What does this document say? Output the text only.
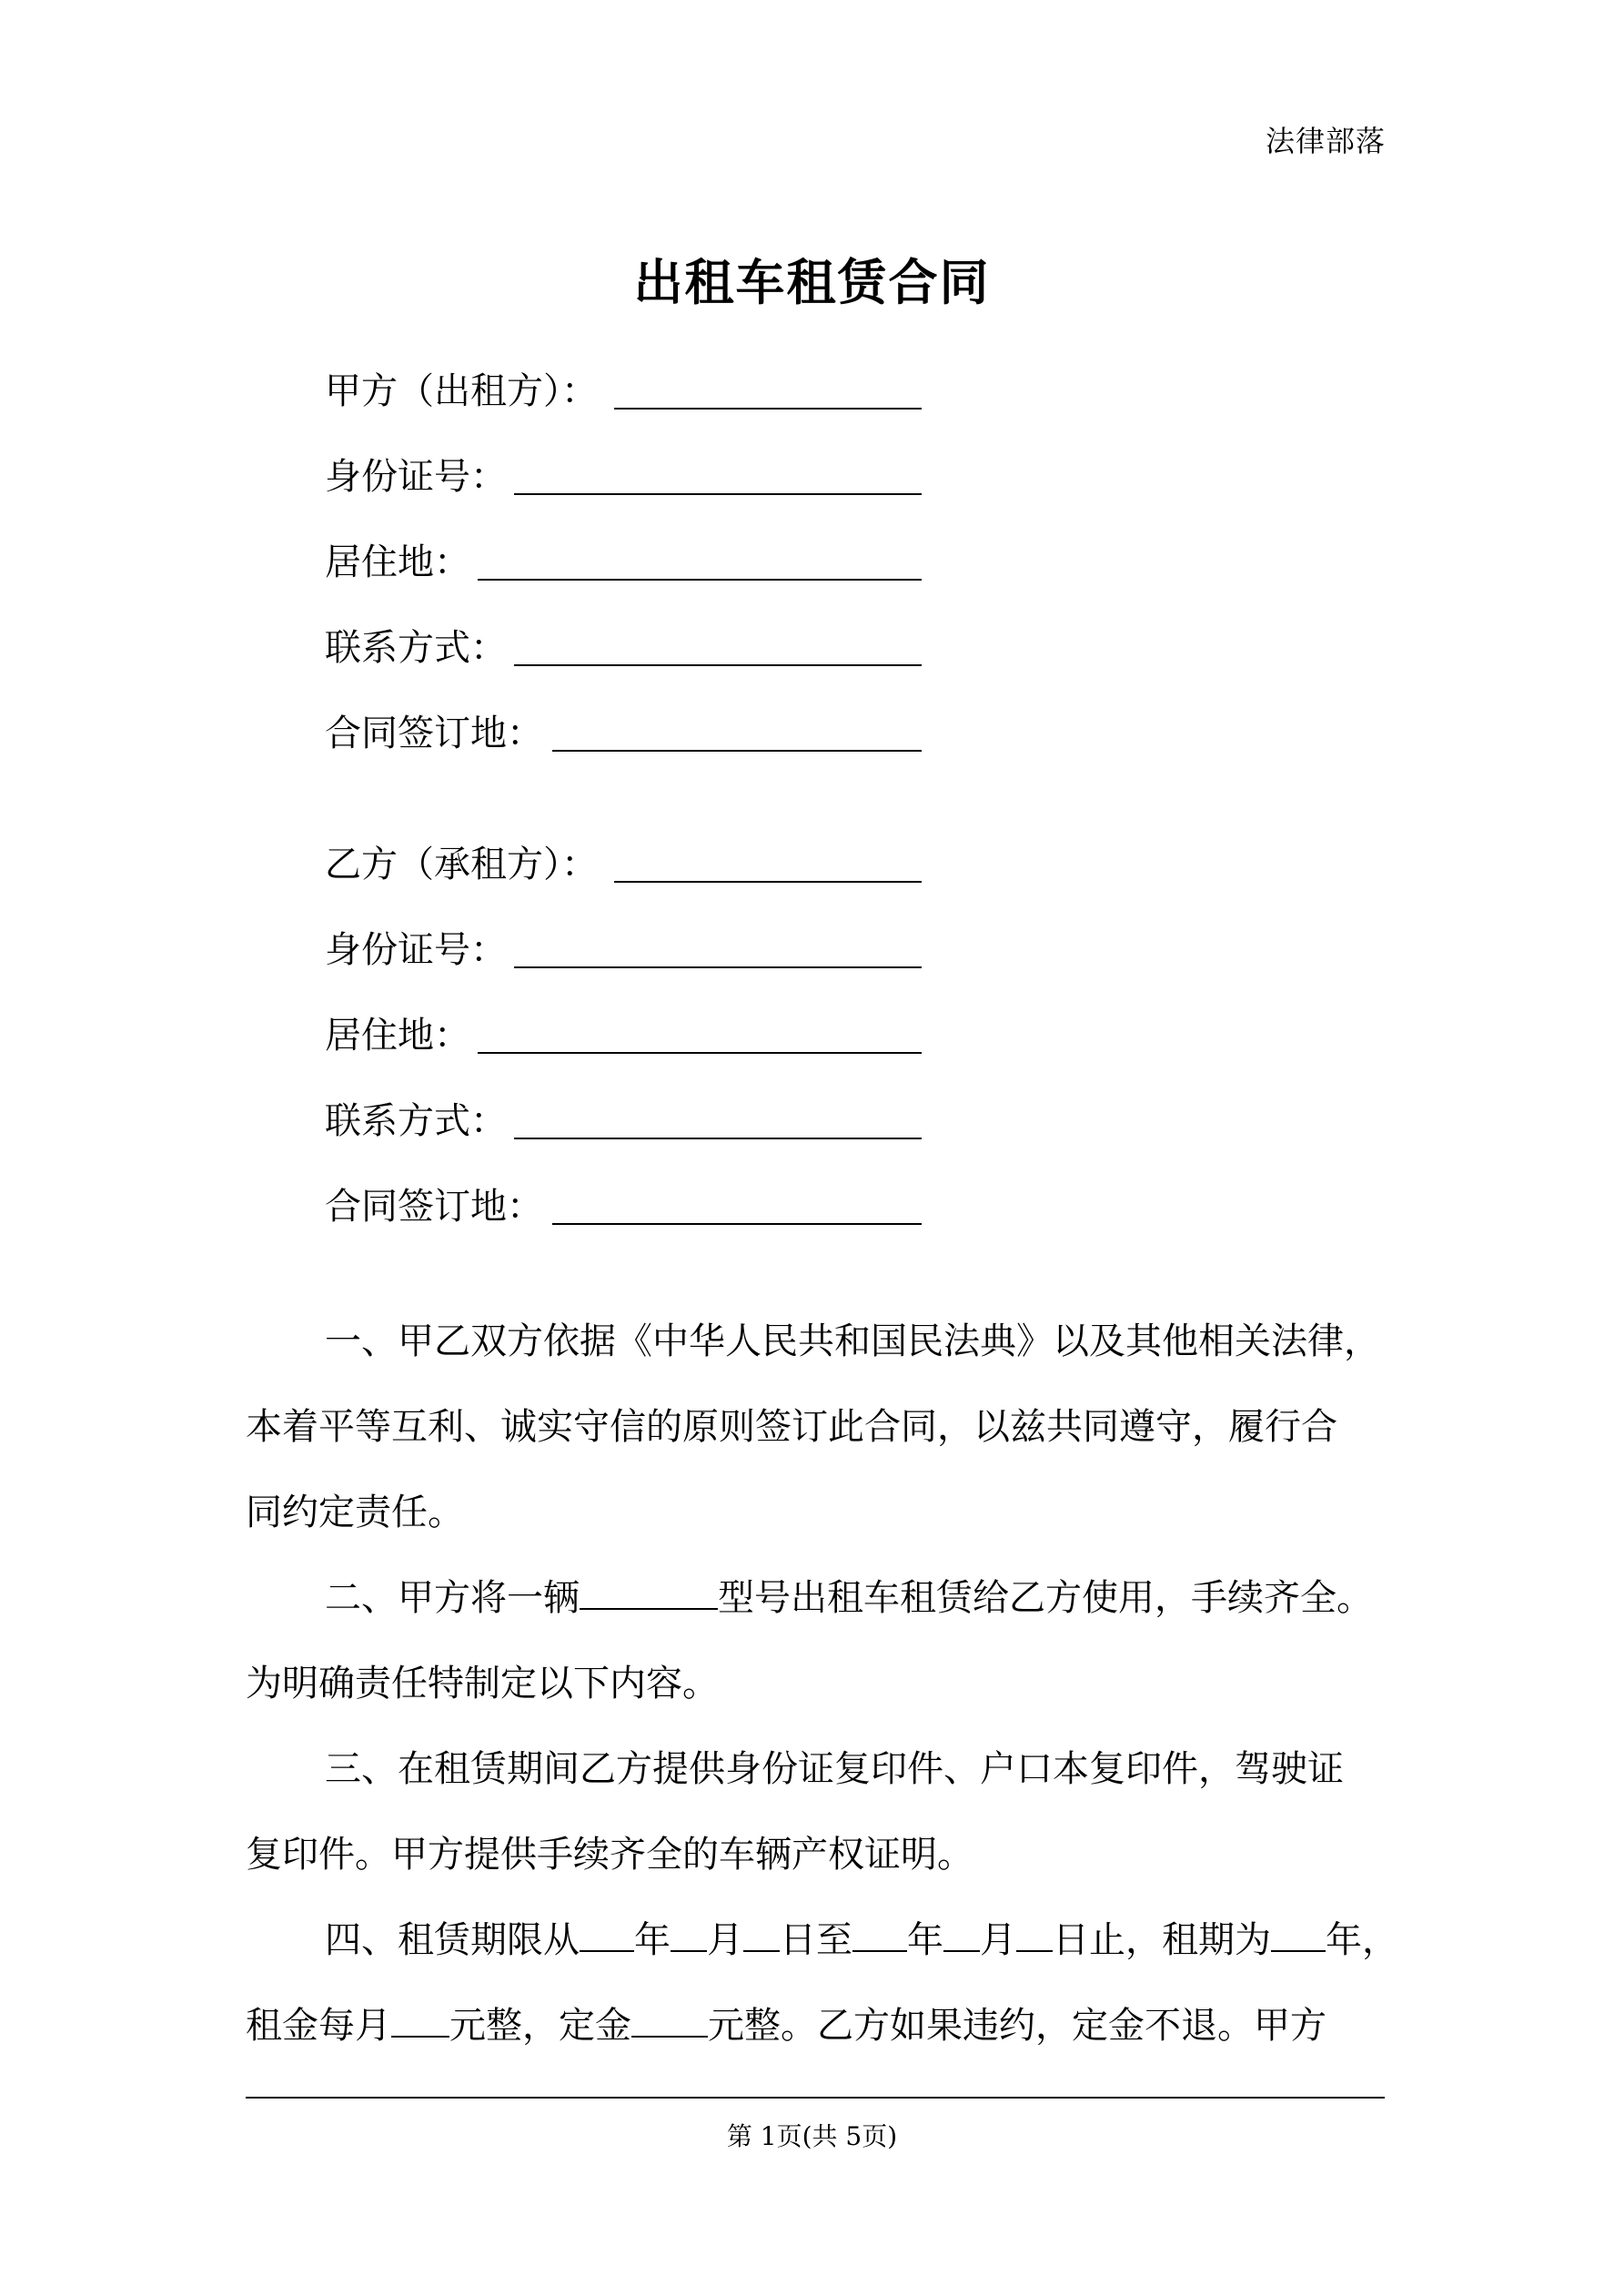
法律部落
出租车租赁合同
甲方（出租方）：
身份证号：
居住地：
联系方式：
合同签订地：
乙方（承租方）：
身份证号：
居住地：
联系方式：
合同签订地：
一、甲乙双方依据《中华人民共和国民法典》以及其他相关法律，
本着平等互利、诚实守信的原则签订此合同，以兹共同遵守，履行合
同约定责任。
二、甲方将一辆	型号出租车租赁给乙方使用，手续齐全。
为明确责任特制定以下内容。
三、在租赁期间乙方提供身份证复印件、户口本复印件，驾驶证
复印件。甲方提供手续齐全的车辆产权证明。
四、租赁期限从 年 月 日至 年 月 日止，租期为 年，
租金每月 元整，定金 元整。乙方如果违约，定金不退。甲方
第 1页(共 5页)
